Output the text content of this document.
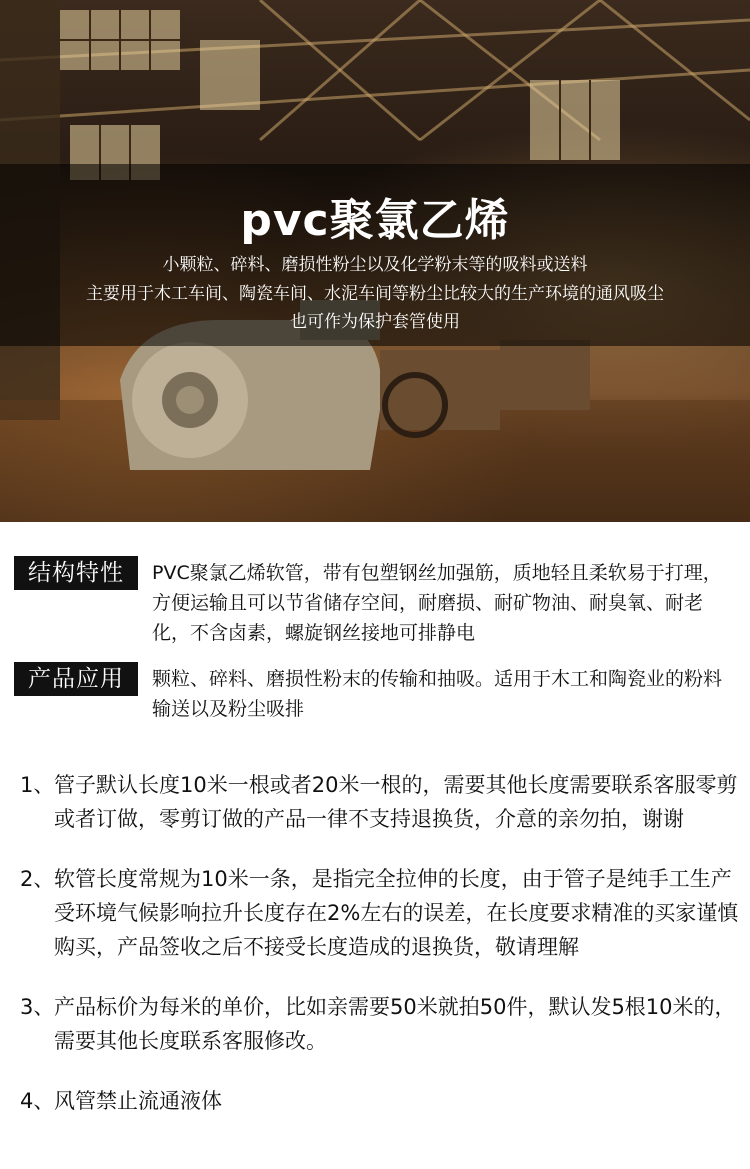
pvc聚氯乙烯
小颗粒、碎料、磨损性粉尘以及化学粉末等的吸料或送料
主要用于木工车间、陶瓷车间、水泥车间等粉尘比较大的生产环境的通风吸尘
也可作为保护套管使用
结构特性	PVC聚氯乙烯软管，带有包塑钢丝加强筋，质地轻且柔软易于打理，方便运输且可以节省储存空间，耐磨损、耐矿物油、耐臭氧、耐老化，不含卤素，螺旋钢丝接地可排静电
产品应用	颗粒、碎料、磨损性粉末的传输和抽吸。适用于木工和陶瓷业的粉料输送以及粉尘吸排
1、 管子默认长度10米一根或者20米一根的，需要其他长度需要联系客服零剪或者订做，零剪订做的产品一律不支持退换货，介意的亲勿拍，谢谢
2、 软管长度常规为10米一条，是指完全拉伸的长度，由于管子是纯手工生产受环境气候影响拉升长度存在2%左右的误差，在长度要求精准的买家谨慎购买，产品签收之后不接受长度造成的退换货，敬请理解
3、 产品标价为每米的单价，比如亲需要50米就拍50件，默认发5根10米的，需要其他长度联系客服修改。
4、 风管禁止流通液体
